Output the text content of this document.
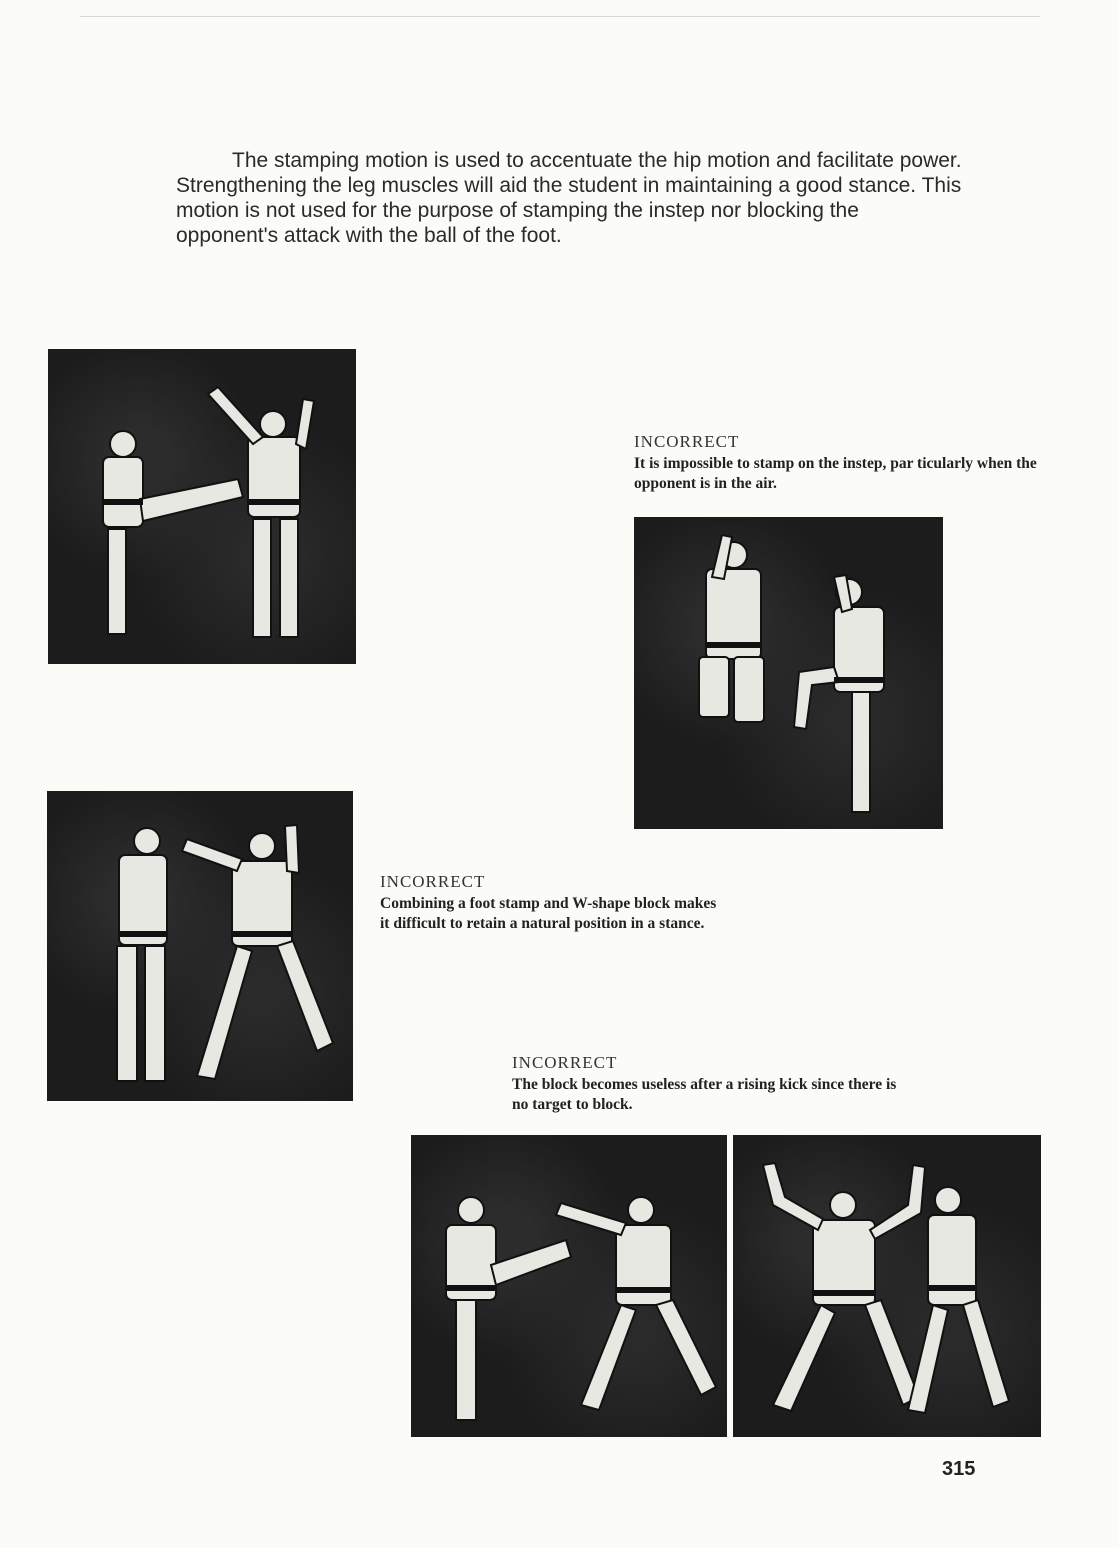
The stamping motion is used to accentuate the hip motion and facilitate power. Strengthening the leg muscles will aid the student in maintaining a good stance. This motion is not used for the purpose of stamping the instep nor blocking the opponent's attack with the ball of the foot.

INCORRECT
It is impossible to stamp on the instep, par ticularly when the opponent is in the air.
INCORRECT
Combining a foot stamp and W-shape block makes it difficult to retain a natural position in a stance.
INCORRECT
The block becomes useless after a rising kick since there is no target to block.
315
